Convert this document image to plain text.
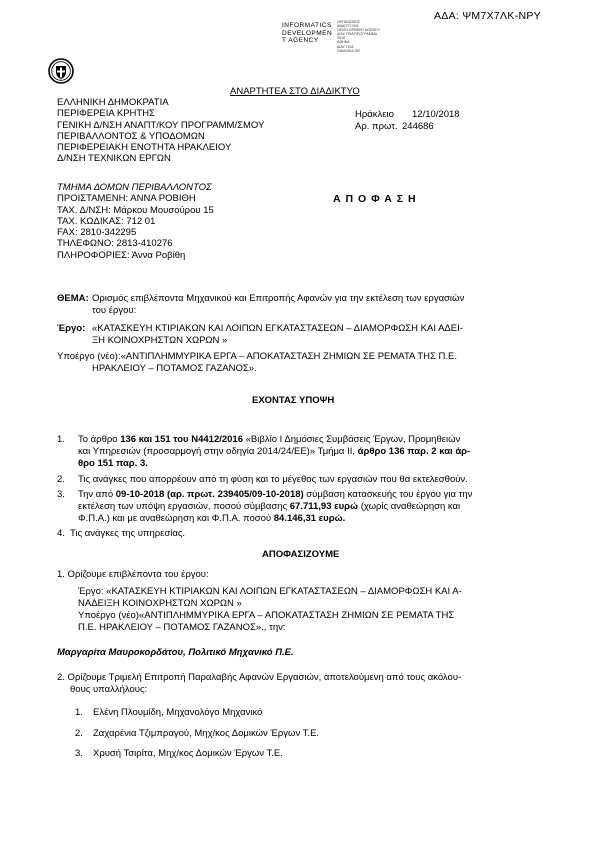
ΑΔΑ: ΨΜ7Χ7ΛΚ-ΝΡΥ
INFORMATICS
DEVELOPMEN
T AGENCY
ΟΡΓΑΝΙΣΜΟΣ
ΑΝΑΠΤΥΞΗΣ
DEVELOPMENT AGENCY
ΔΙΑΥ ΓΕΙΑ ΠΡΟΓΡΑΜΜΑ
2018
ΑΘΗΝΑ
ΔΙΑΥ ΓΕΙΑ
DIAVGEIA GR
ΑΝΑΡΤΗΤΕΑ ΣΤΟ ΔΙΑΔΙΚΤΥΟ
ΕΛΛΗΝΙΚΗ ΔΗΜΟΚΡΑΤΙΑ
ΠΕΡΙΦΕΡΕΙΑ ΚΡΗΤΗΣ
ΓΕΝΙΚΗ Δ/ΝΣΗ ΑΝΑΠΤ/ΚΟΥ ΠΡΟΓΡΑΜΜ/ΣΜΟΥ
ΠΕΡΙΒΑΛΛΟΝΤΟΣ & ΥΠΟΔΟΜΩΝ
ΠΕΡΙΦΕΡΕΙΑΚΗ ΕΝΟΤΗΤΑ ΗΡΑΚΛΕΙΟΥ
Δ/ΝΣΗ ΤΕΧΝΙΚΩΝ ΕΡΓΩΝ
Ηράκλειο 12/10/2018
Αρ. πρωτ. 244686
ΤΜΗΜΑ ΔΟΜΩΝ ΠΕΡΙΒΑΛΛΟΝΤΟΣ
ΠΡΟΙΣΤΑΜΕΝΗ: ΑΝΝΑ ΡΟΒΙΘΗ
ΤΑΧ. Δ/ΝΣΗ: Μάρκου Μουσούρου 15
ΤΑΧ. ΚΩΔΙΚΑΣ: 712 01
FAX: 2810-342295
ΤΗΛΕΦΩΝΟ: 2813-410276
ΠΛΗΡΟΦΟΡΙΕΣ: Άννα Ροβίθη
Α Π Ο Φ Α Σ Η
ΘΕΜΑ: Ορισμός επιβλέποντα Μηχανικού και Επιτροπής Αφανών για την εκτέλεση των εργασιών
του έργου:
Έργο: «ΚΑΤΑΣΚΕΥΗ ΚΤΙΡΙΑΚΩΝ ΚΑΙ ΛΟΙΠΩΝ ΕΓΚΑΤΑΣΤΑΣΕΩΝ – ΔΙΑΜΟΡΦΩΣΗ ΚΑΙ ΑΔΕΙ-
ΞΗ ΚΟΙΝΟΧΡΗΣΤΩΝ ΧΩΡΩΝ »
Υποέργο (νέο):«ΑΝΤΙΠΛΗΜΜΥΡΙΚΑ ΕΡΓΑ – ΑΠΟΚΑΤΑΣΤΑΣΗ ΖΗΜΙΩΝ ΣΕ ΡΕΜΑΤΑ ΤΗΣ Π.Ε.
ΗΡΑΚΛΕΙΟΥ – ΠΟΤΑΜΟΣ ΓΑΖΑΝΟΣ».
ΕΧΟΝΤΑΣ ΥΠΟΨΗ
1. Το άρθρο 136 και 151 του Ν4412/2016 «Βιβλίο Ι Δημόσιες Συμβάσεις Έργων, Προμηθειών
και Υπηρεσιών (προσαρμογή στην οδηγία 2014/24/ΕΕ)» Τμήμα ΙΙ, άρθρο 136 παρ. 2 και άρ-
θρο 151 παρ. 3.
2. Τις ανάγκες που απορρέουν από τη φύση και το μέγεθος των εργασιών που θα εκτελεσθούν.
3. Την από 09-10-2018 (αρ. πρωτ. 239405/09-10-2018) σύμβαση κατασκευής του έργου για την
εκτέλεση των υπόψη εργασιών, ποσού σύμβασης 67.711,93 ευρώ (χωρίς αναθεώρηση και
Φ.Π.Α.) και με αναθεώρηση και Φ.Π.Α. ποσού 84.146,31 ευρώ.
4. Τις ανάγκες της υπηρεσίας.
ΑΠΟΦΑΣΙΖΟΥΜΕ
1. Ορίζουμε επιβλέποντα του έργου:
Έργο: «ΚΑΤΑΣΚΕΥΗ ΚΤΙΡΙΑΚΩΝ ΚΑΙ ΛΟΙΠΩΝ ΕΓΚΑΤΑΣΤΑΣΕΩΝ – ΔΙΑΜΟΡΦΩΣΗ ΚΑΙ Α-
ΝΑΔΕΙΞΗ ΚΟΙΝΟΧΡΗΣΤΩΝ ΧΩΡΩΝ »
Υποέργο (νέο)«ΑΝΤΙΠΛΗΜΜΥΡΙΚΑ ΕΡΓΑ – ΑΠΟΚΑΤΑΣΤΑΣΗ ΖΗΜΙΩΝ ΣΕ ΡΕΜΑΤΑ ΤΗΣ
Π.Ε. ΗΡΑΚΛΕΙΟΥ – ΠΟΤΑΜΟΣ ΓΑΖΑΝΟΣ»., την:
Μαργαρίτα Μαυροκορδάτου, Πολιτικό Μηχανικό Π.Ε.
2. Ορίζουμε Τριμελή Επιτροπή Παραλαβής Αφανών Εργασιών, αποτελούμενη από τους ακόλου-
θους υπαλλήλους:
1. Ελένη Πλουμίδη, Μηχανολόγο Μηχανικό
2. Ζαχαρένια Τζιμπραγού, Μηχ/κος Δομικών Έργων Τ.Ε.
3. Χρυσή Τσιρίτα, Μηχ/κος Δομικών Έργων Τ.Ε.
